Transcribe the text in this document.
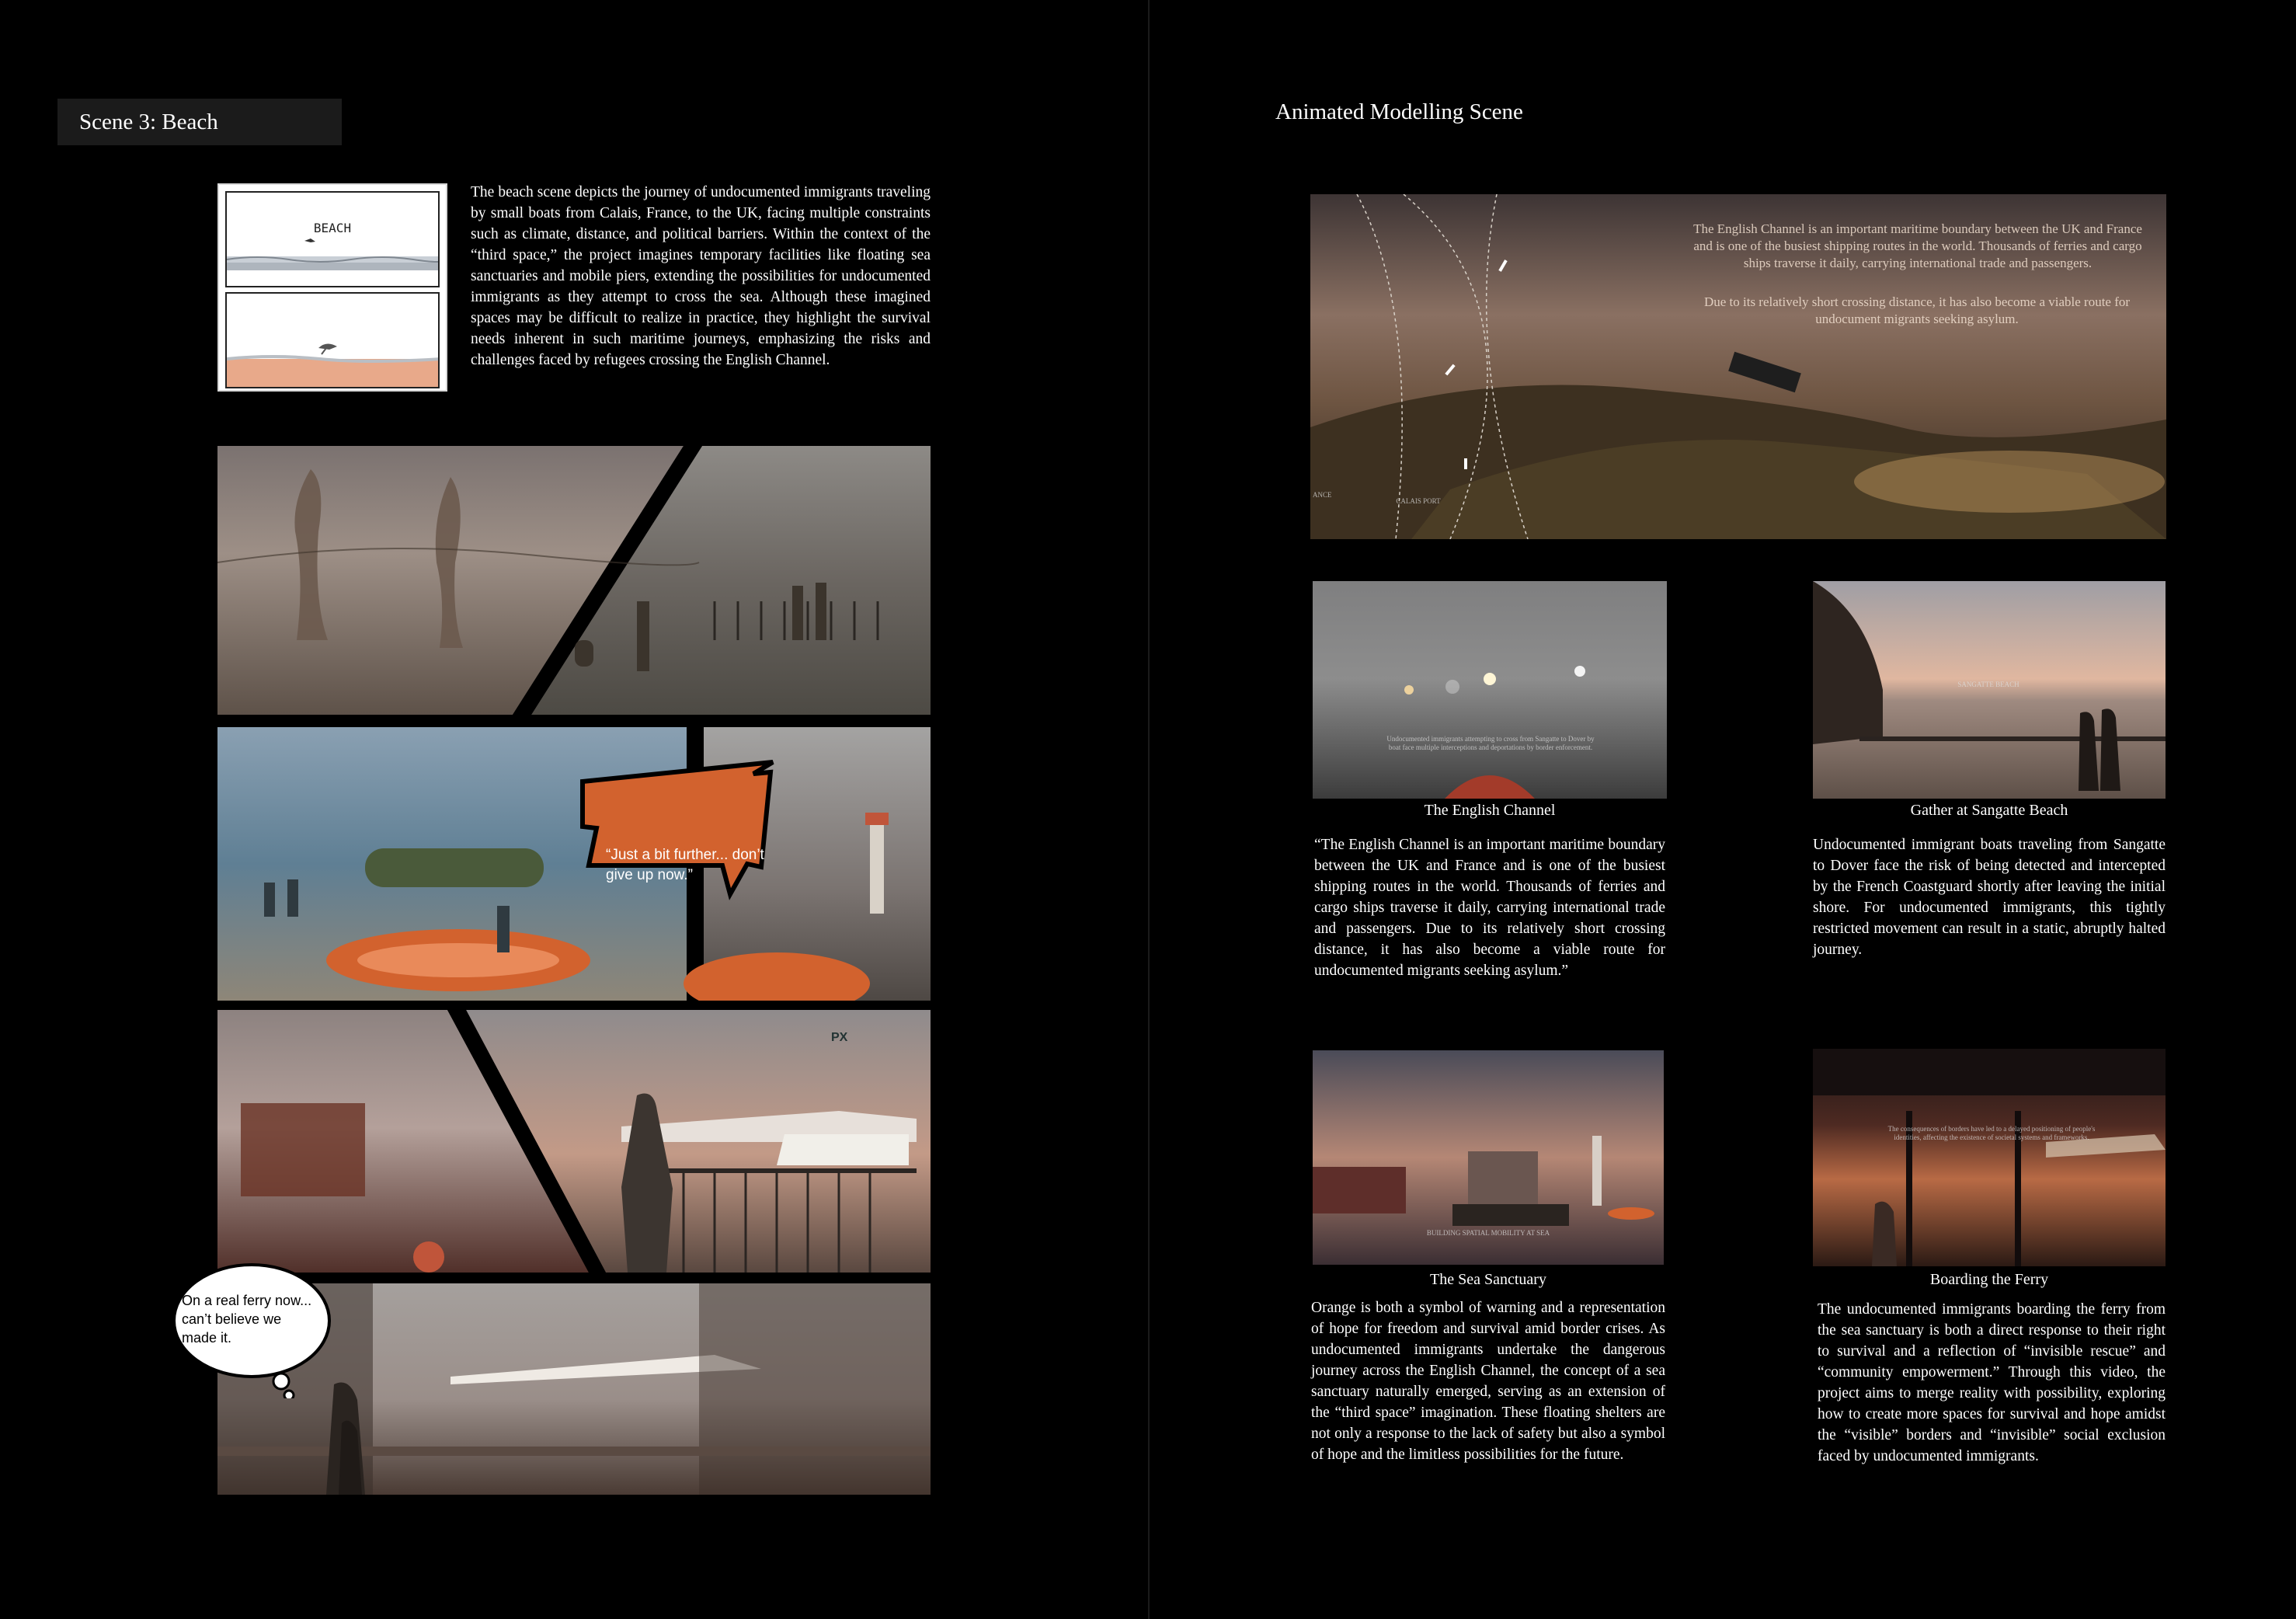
Scene 3: Beach
BEACH
The beach scene depicts the journey of undocumented immigrants traveling by small boats from Calais, France, to the UK, facing multiple constraints such as climate, distance, and political barriers. Within the context of the “third space,” the project imagines temporary facilities like floating sea sanctuaries and mobile piers, extending the possibilities for undocumented immigrants as they attempt to cross the sea. Although these imagined spaces may be difficult to realize in practice, they highlight the survival needs inherent in such maritime journeys, emphasizing the risks and challenges faced by refugees crossing the English Channel.
“Just a bit further... don’t give up now.”
PX
On a real ferry now... can’t believe we made it.
Animated Modelling Scene
The English Channel is an important maritime boundary between the UK and France and is one of the busiest shipping routes in the world. Thousands of ferries and cargo ships traverse it daily, carrying international trade and passengers.
Due to its relatively short crossing distance, it has also become a viable route for undocument migrants seeking asylum.
CALAIS PORT
ANCE
Undocumented immigrants attempting to cross from Sangatte to Dover by boat face multiple interceptions and deportations by border enforcement.
The English Channel
“The English Channel is an important maritime boundary between the UK and France and is one of the busiest shipping routes in the world. Thousands of ferries and cargo ships traverse it daily, carrying international trade and passengers. Due to its relatively short crossing distance, it has also become a viable route for undocumented migrants seeking asylum.”
SANGATTE BEACH
Gather at Sangatte Beach
Undocumented immigrant boats traveling from Sangatte to Dover face the risk of being detected and intercepted by the French Coastguard shortly after leaving the initial shore. For undocumented immigrants, this tightly restricted movement can result in a static, abruptly halted journey.
BUILDING SPATIAL MOBILITY AT SEA
The Sea Sanctuary
Orange is both a symbol of warning and a representation of hope for freedom and survival amid border crises. As undocumented immigrants undertake the dangerous journey across the English Channel, the concept of a sea sanctuary naturally emerged, serving as an extension of the “third space” imagination. These floating shelters are not only a response to the lack of safety but also a symbol of hope and the limitless possibilities for the future.
The consequences of borders have led to a delayed positioning of people's identities, affecting the existence of societal systems and frameworks.
Boarding the Ferry
The undocumented immigrants boarding the ferry from the sea sanctuary is both a direct response to their right to survival and a reflection of “invisible rescue” and “community empowerment.” Through this video, the project aims to merge reality with possibility, exploring how to create more spaces for survival and hope amidst the “visible” borders and “invisible” social exclusion faced by undocumented immigrants.
